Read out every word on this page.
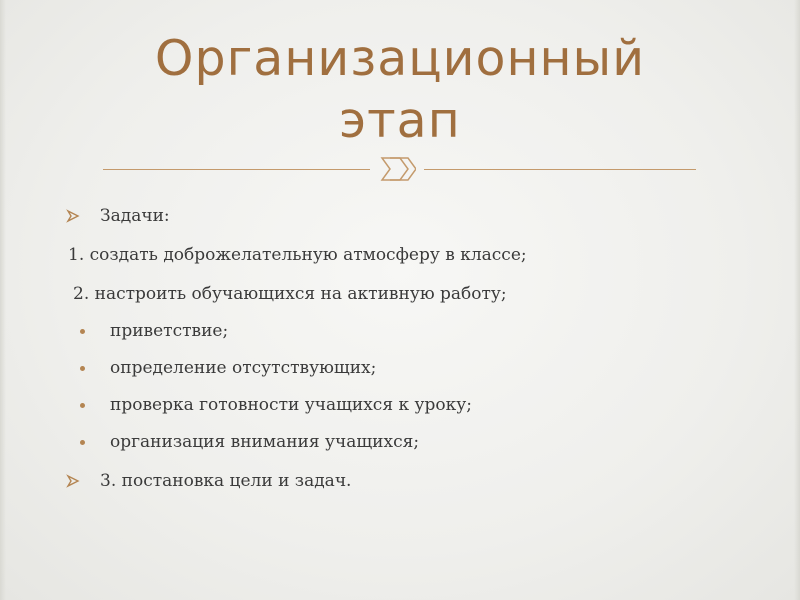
Организационный
этап
Задачи:
1. создать доброжелательную атмосферу в классе;
2. настроить обучающихся на активную работу;
приветствие;
определение отсутствующих;
проверка готовности учащихся к уроку;
организация внимания учащихся;
3. постановка цели и задач.
